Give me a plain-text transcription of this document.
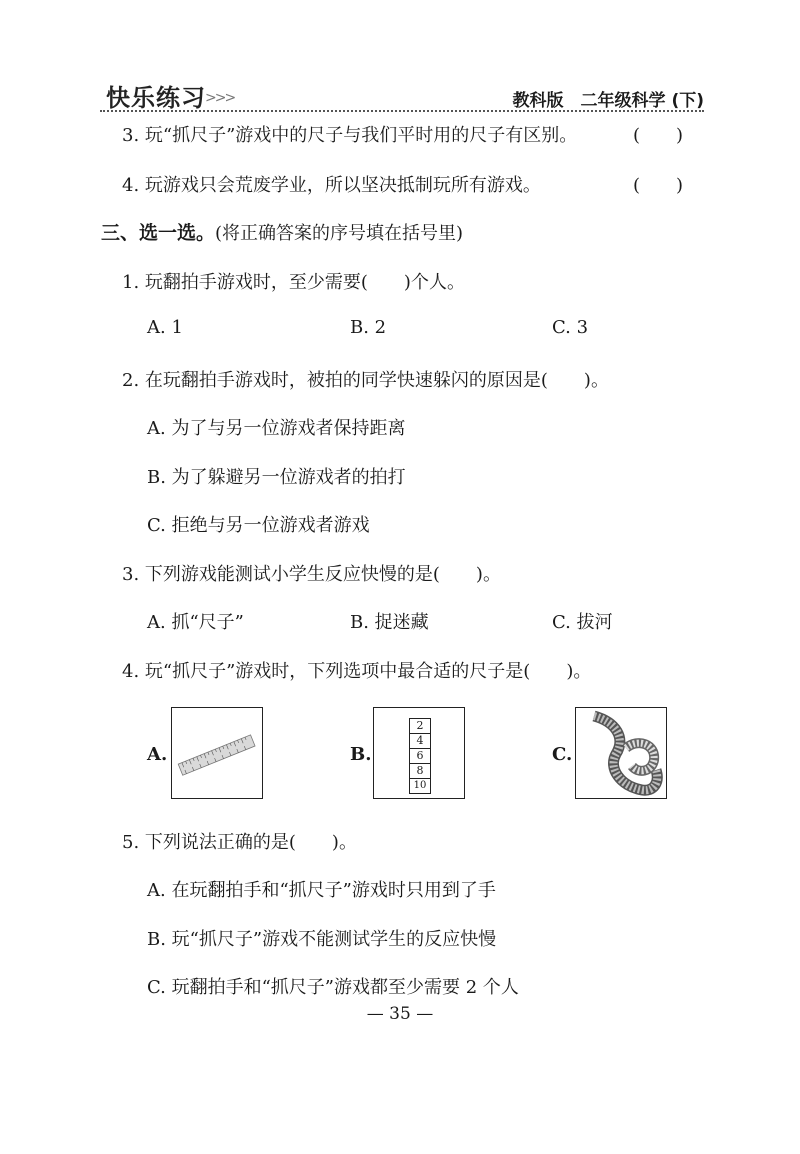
快乐练习 >>>	教科版　二年级科学 (下)
3. 玩“抓尺子”游戏中的尺子与我们平时用的尺子有区别。	(　　)
4. 玩游戏只会荒废学业，所以坚决抵制玩所有游戏。	(　　)
三、选一选。(将正确答案的序号填在括号里)
1. 玩翻拍手游戏时，至少需要(　　)个人。
A. 1	B. 2	C. 3
2. 在玩翻拍手游戏时，被拍的同学快速躲闪的原因是(　　)。
A. 为了与另一位游戏者保持距离
B. 为了躲避另一位游戏者的拍打
C. 拒绝与另一位游戏者游戏
3. 下列游戏能测试小学生反应快慢的是(　　)。
A. 抓“尺子”	B. 捉迷藏	C. 拔河
4. 玩“抓尺子”游戏时，下列选项中最合适的尺子是(　　)。
A.	B.
2
4
6
8
10
C.
5. 下列说法正确的是(　　)。
A. 在玩翻拍手和“抓尺子”游戏时只用到了手
B. 玩“抓尺子”游戏不能测试学生的反应快慢
C. 玩翻拍手和“抓尺子”游戏都至少需要 2 个人
— 35 —
